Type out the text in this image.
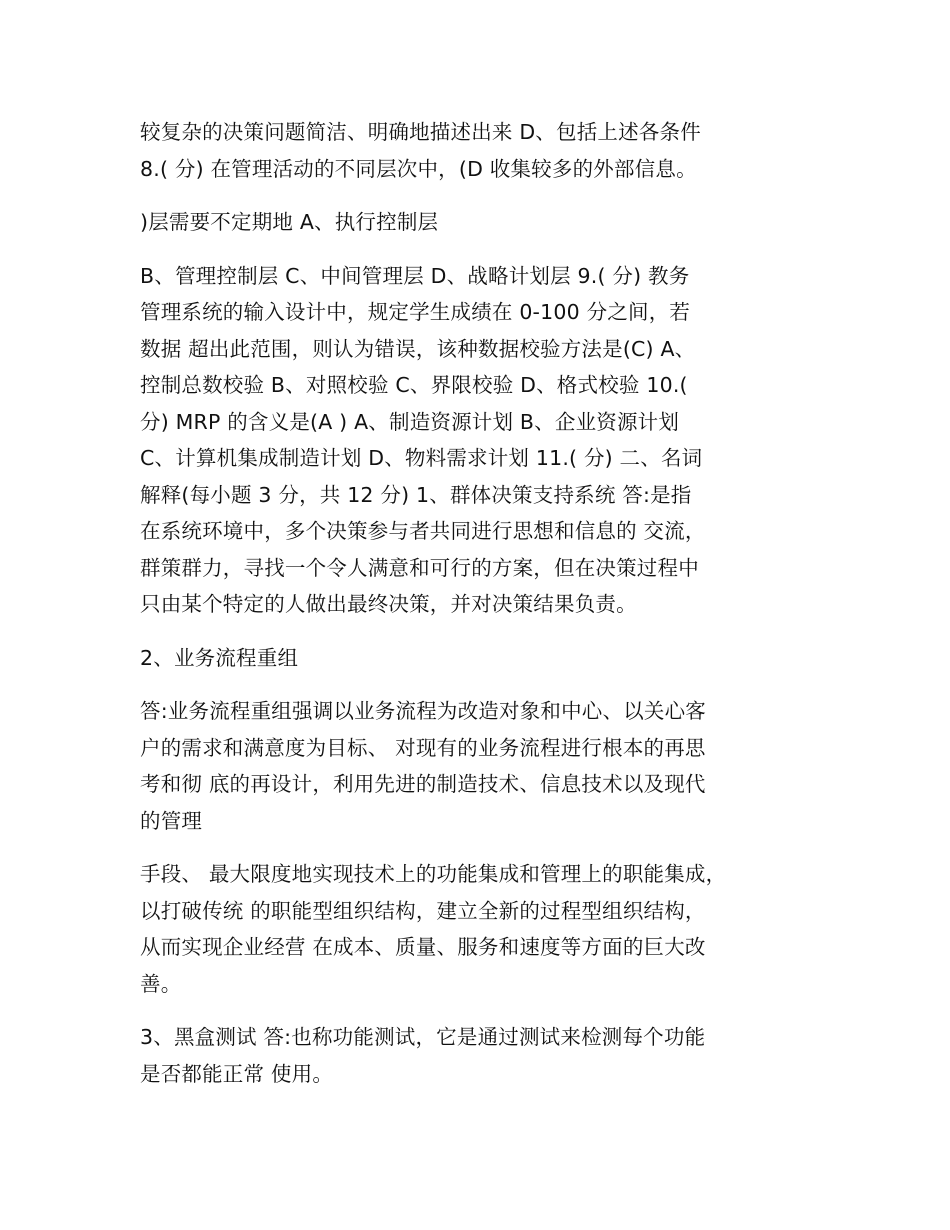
较复杂的决策问题简洁、明确地描述出来 D、包括上述各条件
8.( 分) 在管理活动的不同层次中，(D 收集较多的外部信息。

)层需要不定期地 A、执行控制层

B、管理控制层 C、中间管理层 D、战略计划层 9.( 分) 教务
管理系统的输入设计中，规定学生成绩在 0-100 分之间，若
数据 超出此范围，则认为错误，该种数据校验方法是(C) A、
控制总数校验 B、对照校验 C、界限校验 D、格式校验 10.(
分) MRP 的含义是(A ) A、制造资源计划 B、企业资源计划
C、计算机集成制造计划 D、物料需求计划 11.( 分) 二、名词
解释(每小题 3 分，共 12 分) 1、群体决策支持系统 答:是指
在系统环境中，多个决策参与者共同进行思想和信息的 交流，
群策群力，寻找一个令人满意和可行的方案，但在决策过程中
只由某个特定的人做出最终决策，并对决策结果负责。

2、业务流程重组

答:业务流程重组强调以业务流程为改造对象和中心、以关心客
户的需求和满意度为目标、 对现有的业务流程进行根本的再思
考和彻 底的再设计，利用先进的制造技术、信息技术以及现代
的管理

手段、 最大限度地实现技术上的功能集成和管理上的职能集成，
以打破传统 的职能型组织结构，建立全新的过程型组织结构，
从而实现企业经营 在成本、质量、服务和速度等方面的巨大改
善。

3、黑盒测试 答:也称功能测试，它是通过测试来检测每个功能
是否都能正常 使用。
